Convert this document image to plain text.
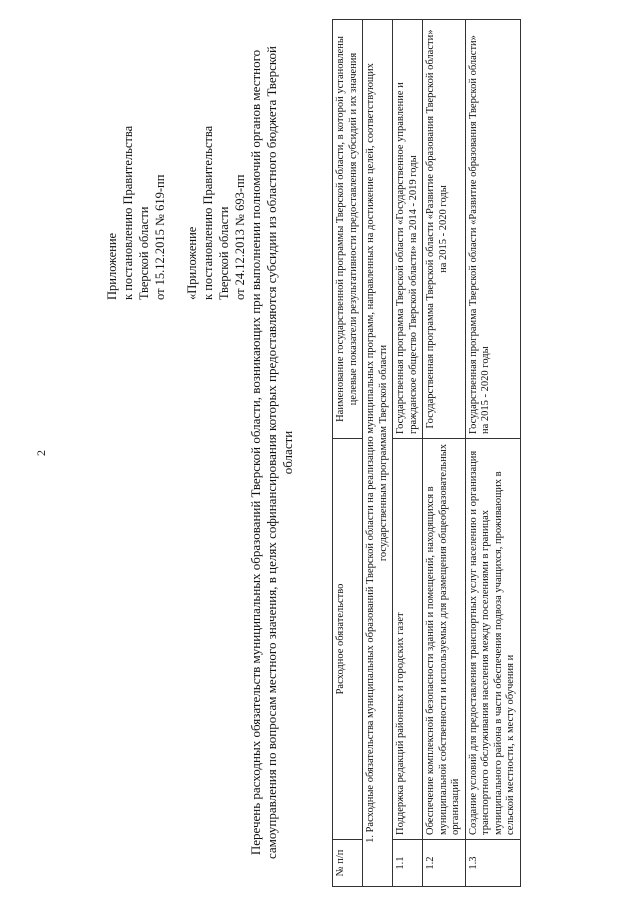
2
Приложение к постановлению Правительства Тверской области от 15.12.2015 № 619-пп «Приложение к постановлению Правительства Тверской области от 24.12.2013 № 693-пп Перечень расходных обязательств муниципальных образований Тверской области, возникающих при выполнении полномочий органов местного самоуправления по вопросам местного значения, в целях софинансирования которых предоставляются субсидии из областного бюджета Тверской области
№ п/п	Расходное обязательство	Наименование государственной программы Тверской области, в которой установлены целевые показатели результативности предоставления субсидий и их значения
1. Расходные обязательства муниципальных образований Тверской области на реализацию муниципальных программ, направленных на достижение целей, соответствующих государственным программам Тверской области		
1.1	Поддержка редакций районных и городских газет	Государственная программа Тверской области «Государственное управление и гражданское общество Тверской области» на 2014 - 2019 годы
1.2	Обеспечение комплексной безопасности зданий и помещений, находящихся в муниципальной собственности и используемых для размещения общеобразовательных организаций	Государственная программа Тверской области «Развитие образования Тверской области» на 2015 - 2020 годы
1.3	Создание условий для предоставления транспортных услуг населению и организация транспортного обслуживания населения между поселениями в границах муниципального района в части обеспечения подвоза учащихся, проживающих в сельской местности, к месту обучения и	Государственная программа Тверской области «Развитие образования Тверской области» на 2015 - 2020 годы
